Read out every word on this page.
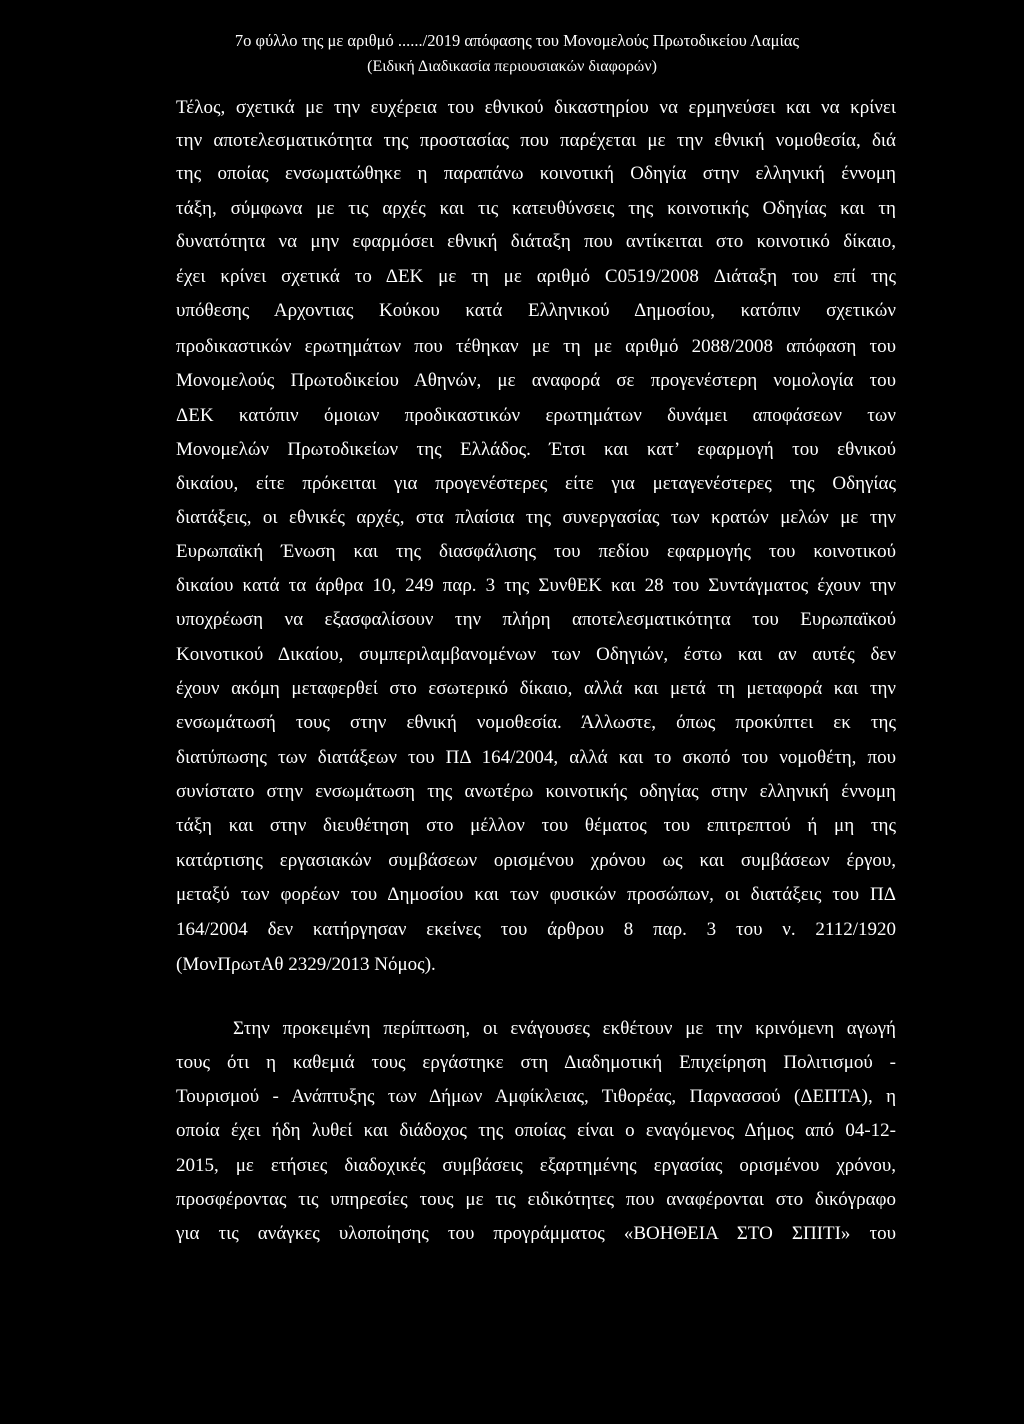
7ο φύλλο της με αριθμό ....../2019 απόφασης του Μονομελούς Πρωτοδικείου Λαμίας
(Ειδική Διαδικασία περιουσιακών διαφορών)
Τέλος, σχετικά με την ευχέρεια του εθνικού δικαστηρίου να ερμηνεύσει και να κρίνει
την αποτελεσματικότητα της προστασίας που παρέχεται με την εθνική νομοθεσία, διά
της οποίας ενσωματώθηκε η παραπάνω κοινοτική Οδηγία στην ελληνική έννομη
τάξη, σύμφωνα με τις αρχές και τις κατευθύνσεις της κοινοτικής Οδηγίας και τη
δυνατότητα να μην εφαρμόσει εθνική διάταξη που αντίκειται στο κοινοτικό δίκαιο,
έχει κρίνει σχετικά το ΔΕΚ με τη με αριθμό C0519/2008 Διάταξη του επί της
υπόθεσης Αρχοντιας Κούκου κατά Ελληνικού Δημοσίου, κατόπιν σχετικών
προδικαστικών ερωτημάτων που τέθηκαν με τη με αριθμό 2088/2008 απόφαση του
Μονομελούς Πρωτοδικείου Αθηνών, με αναφορά σε προγενέστερη νομολογία του
ΔΕΚ κατόπιν όμοιων προδικαστικών ερωτημάτων δυνάμει αποφάσεων των
Μονομελών Πρωτοδικείων της Ελλάδος. Έτσι και κατ’ εφαρμογή του εθνικού
δικαίου, είτε πρόκειται για προγενέστερες είτε για μεταγενέστερες της Οδηγίας
διατάξεις, οι εθνικές αρχές, στα πλαίσια της συνεργασίας των κρατών μελών με την
Ευρωπαϊκή Ένωση και της διασφάλισης του πεδίου εφαρμογής του κοινοτικού
δικαίου κατά τα άρθρα 10, 249 παρ. 3 της ΣυνθΕΚ και 28 του Συντάγματος έχουν την
υποχρέωση να εξασφαλίσουν την πλήρη αποτελεσματικότητα του Ευρωπαϊκού
Κοινοτικού Δικαίου, συμπεριλαμβανομένων των Οδηγιών, έστω και αν αυτές δεν
έχουν ακόμη μεταφερθεί στο εσωτερικό δίκαιο, αλλά και μετά τη μεταφορά και την
ενσωμάτωσή τους στην εθνική νομοθεσία. Άλλωστε, όπως προκύπτει εκ της
διατύπωσης των διατάξεων του ΠΔ 164/2004, αλλά και το σκοπό του νομοθέτη, που
συνίστατο στην ενσωμάτωση της ανωτέρω κοινοτικής οδηγίας στην ελληνική έννομη
τάξη και στην διευθέτηση στο μέλλον του θέματος του επιτρεπτού ή μη της
κατάρτισης εργασιακών συμβάσεων ορισμένου χρόνου ως και συμβάσεων έργου,
μεταξύ των φορέων του Δημοσίου και των φυσικών προσώπων, οι διατάξεις του ΠΔ
164/2004 δεν κατήργησαν εκείνες του άρθρου 8 παρ. 3 του ν. 2112/1920
(ΜονΠρωτΑθ 2329/2013 Νόμος).
Στην προκειμένη περίπτωση, οι ενάγουσες εκθέτουν με την κρινόμενη αγωγή
τους ότι η καθεμιά τους εργάστηκε στη Διαδημοτική Επιχείρηση Πολιτισμού -
Τουρισμού - Ανάπτυξης των Δήμων Αμφίκλειας, Τιθορέας, Παρνασσού (ΔΕΠΤΑ), η
οποία έχει ήδη λυθεί και διάδοχος της οποίας είναι ο εναγόμενος Δήμος από 04-12-
2015, με ετήσιες διαδοχικές συμβάσεις εξαρτημένης εργασίας ορισμένου χρόνου,
προσφέροντας τις υπηρεσίες τους με τις ειδικότητες που αναφέρονται στο δικόγραφο
για τις ανάγκες υλοποίησης του προγράμματος «ΒΟΗΘΕΙΑ ΣΤΟ ΣΠΙΤΙ» του
